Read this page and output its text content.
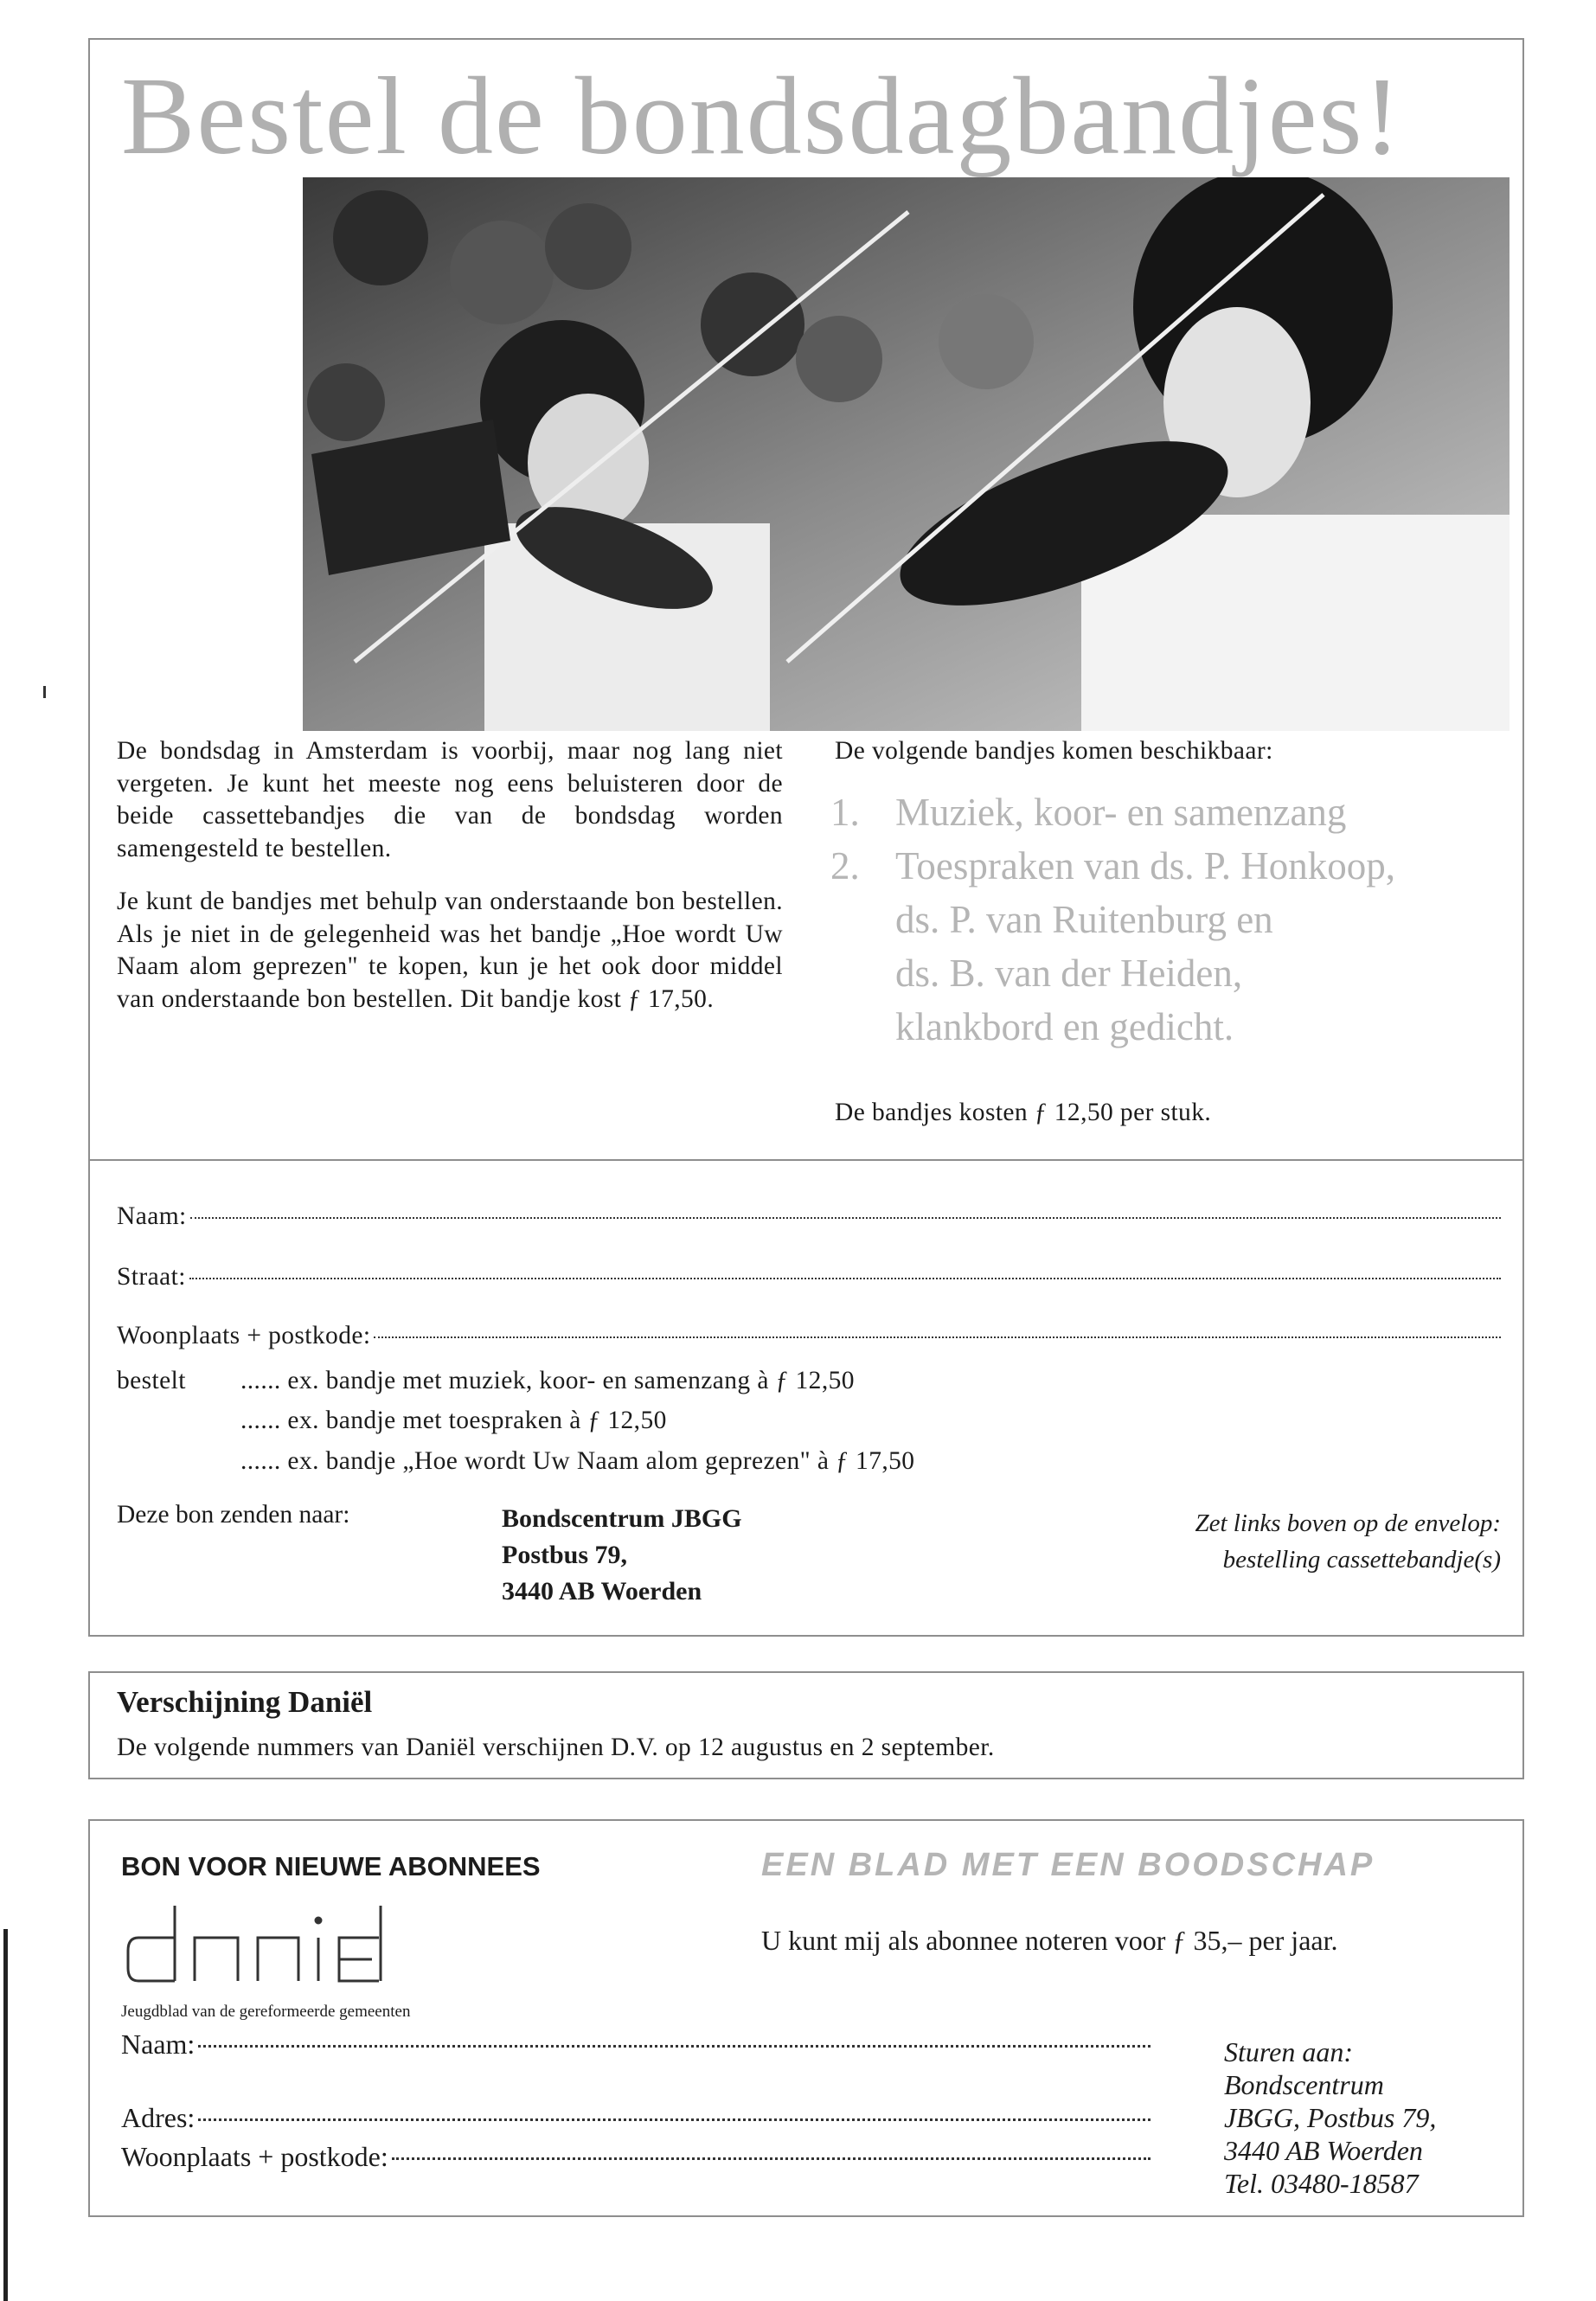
Bestel de bondsdagbandjes!
De bondsdag in Amsterdam is voorbij, maar nog lang niet vergeten. Je kunt het meeste nog eens beluisteren door de beide cassettebandjes die van de bondsdag worden samengesteld te bestellen.
Je kunt de bandjes met behulp van onderstaande bon bestellen. Als je niet in de gelegenheid was het bandje „Hoe wordt Uw Naam alom geprezen" te kopen, kun je het ook door middel van onderstaande bon bestellen. Dit bandje kost ƒ 17,50.
De volgende bandjes komen beschikbaar:
1. Muziek, koor- en samenzang
2. Toespraken van ds. P. Honkoop,
ds. P. van Ruitenburg en
ds. B. van der Heiden,
klankbord en gedicht.
De bandjes kosten ƒ 12,50 per stuk.
Naam:
Straat:
Woonplaats + postkode:
bestelt ...... ex. bandje met muziek, koor- en samenzang à ƒ 12,50
...... ex. bandje met toespraken à ƒ 12,50
...... ex. bandje „Hoe wordt Uw Naam alom geprezen" à ƒ 17,50
Deze bon zenden naar:	Bondscentrum JBGG
Postbus 79,
3440 AB Woerden
Zet links boven op de envelop:
bestelling cassettebandje(s)
Verschijning Daniël
De volgende nummers van Daniël verschijnen D.V. op 12 augustus en 2 september.
BON VOOR NIEUWE ABONNEES	EEN BLAD MET EEN BOODSCHAP
U kunt mij als abonnee noteren voor ƒ 35,– per jaar.
Jeugdblad van de gereformeerde gemeenten
Naam:
Adres:
Woonplaats + postkode:
Sturen aan:
Bondscentrum
JBGG, Postbus 79,
3440 AB Woerden
Tel. 03480-18587
